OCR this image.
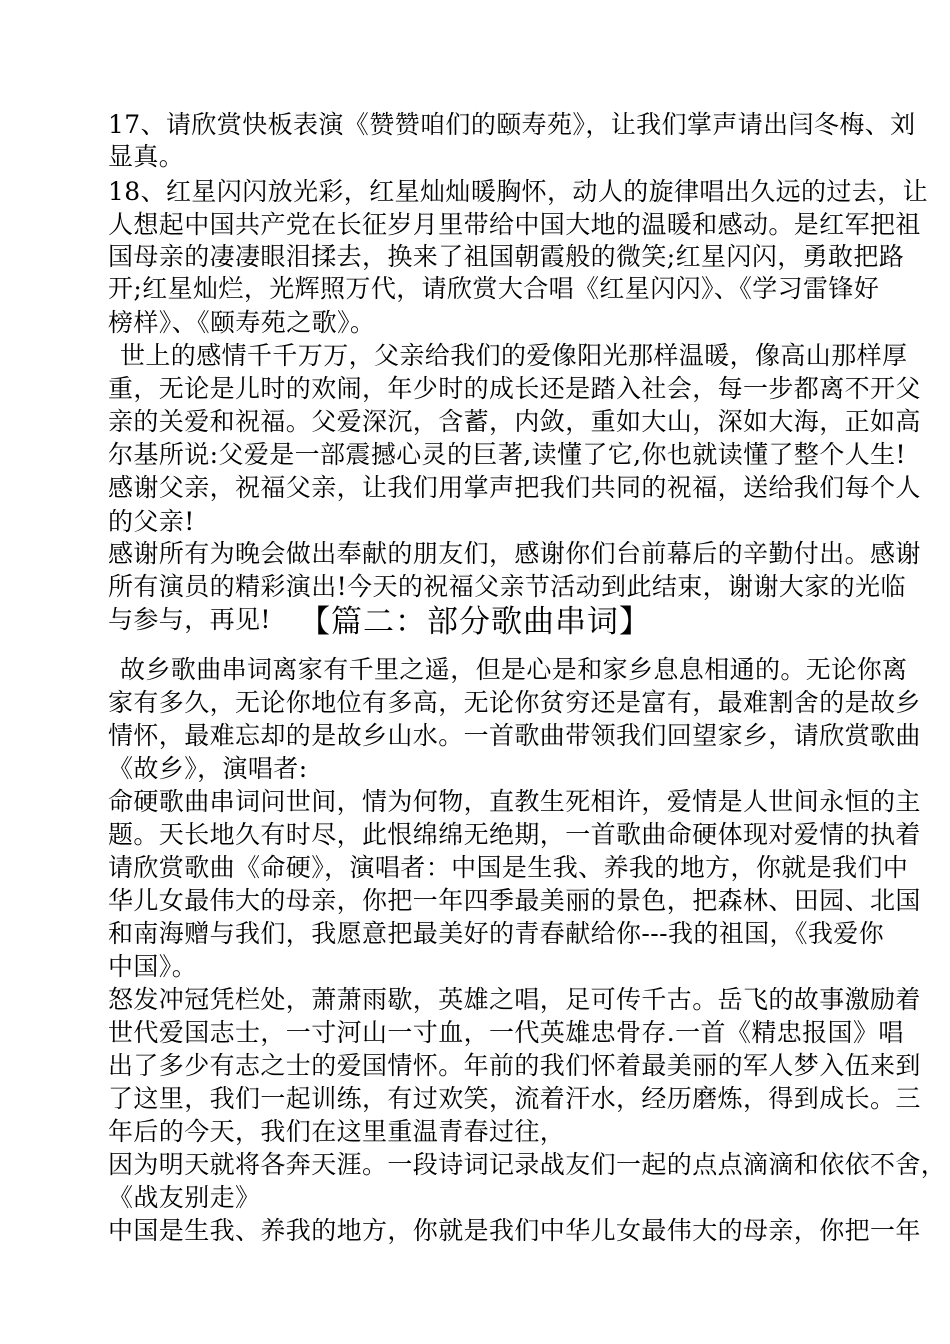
17、请欣赏快板表演《赞赞咱们的颐寿苑》，让我们掌声请出闫冬梅、刘
显真。
18、红星闪闪放光彩，红星灿灿暖胸怀，动人的旋律唱出久远的过去，让
人想起中国共产党在长征岁月里带给中国大地的温暖和感动。是红军把祖
国母亲的凄凄眼泪揉去，换来了祖国朝霞般的微笑;红星闪闪，勇敢把路
开;红星灿烂，光辉照万代，请欣赏大合唱《红星闪闪》、《学习雷锋好
榜样》、《颐寿苑之歌》。
世上的感情千千万万，父亲给我们的爱像阳光那样温暖，像高山那样厚
重，无论是儿时的欢闹，年少时的成长还是踏入社会，每一步都离不开父
亲的关爱和祝福。父爱深沉，含蓄，内敛，重如大山，深如大海，正如高
尔基所说:父爱是一部震撼心灵的巨著,读懂了它,你也就读懂了整个人生!
感谢父亲，祝福父亲，让我们用掌声把我们共同的祝福，送给我们每个人
的父亲!
感谢所有为晚会做出奉献的朋友们，感谢你们台前幕后的辛勤付出。感谢
所有演员的精彩演出!今天的祝福父亲节活动到此结束，谢谢大家的光临
与参与，再见! 【篇二：部分歌曲串词】
故乡歌曲串词离家有千里之遥，但是心是和家乡息息相通的。无论你离
家有多久，无论你地位有多高，无论你贫穷还是富有，最难割舍的是故乡
情怀，最难忘却的是故乡山水。一首歌曲带领我们回望家乡，请欣赏歌曲
《故乡》，演唱者:
命硬歌曲串词问世间，情为何物，直教生死相许，爱情是人世间永恒的主
题。天长地久有时尽，此恨绵绵无绝期，一首歌曲命硬体现对爱情的执着
请欣赏歌曲《命硬》，演唱者：中国是生我、养我的地方，你就是我们中
华儿女最伟大的母亲，你把一年四季最美丽的景色，把森林、田园、北国
和南海赠与我们，我愿意把最美好的青春献给你---我的祖国，《我爱你
中国》。
怒发冲冠凭栏处，萧萧雨歇，英雄之唱，足可传千古。岳飞的故事激励着
世代爱国志士，一寸河山一寸血，一代英雄忠骨存.一首《精忠报国》唱
出了多少有志之士的爱国情怀。年前的我们怀着最美丽的军人梦入伍来到
了这里，我们一起训练，有过欢笑，流着汗水，经历磨炼，得到成长。三
年后的今天，我们在这里重温青春过往，
因为明天就将各奔天涯。一段诗词记录战友们一起的点点滴滴和依依不舍，
《战友别走》
中国是生我、养我的地方，你就是我们中华儿女最伟大的母亲，你把一年
